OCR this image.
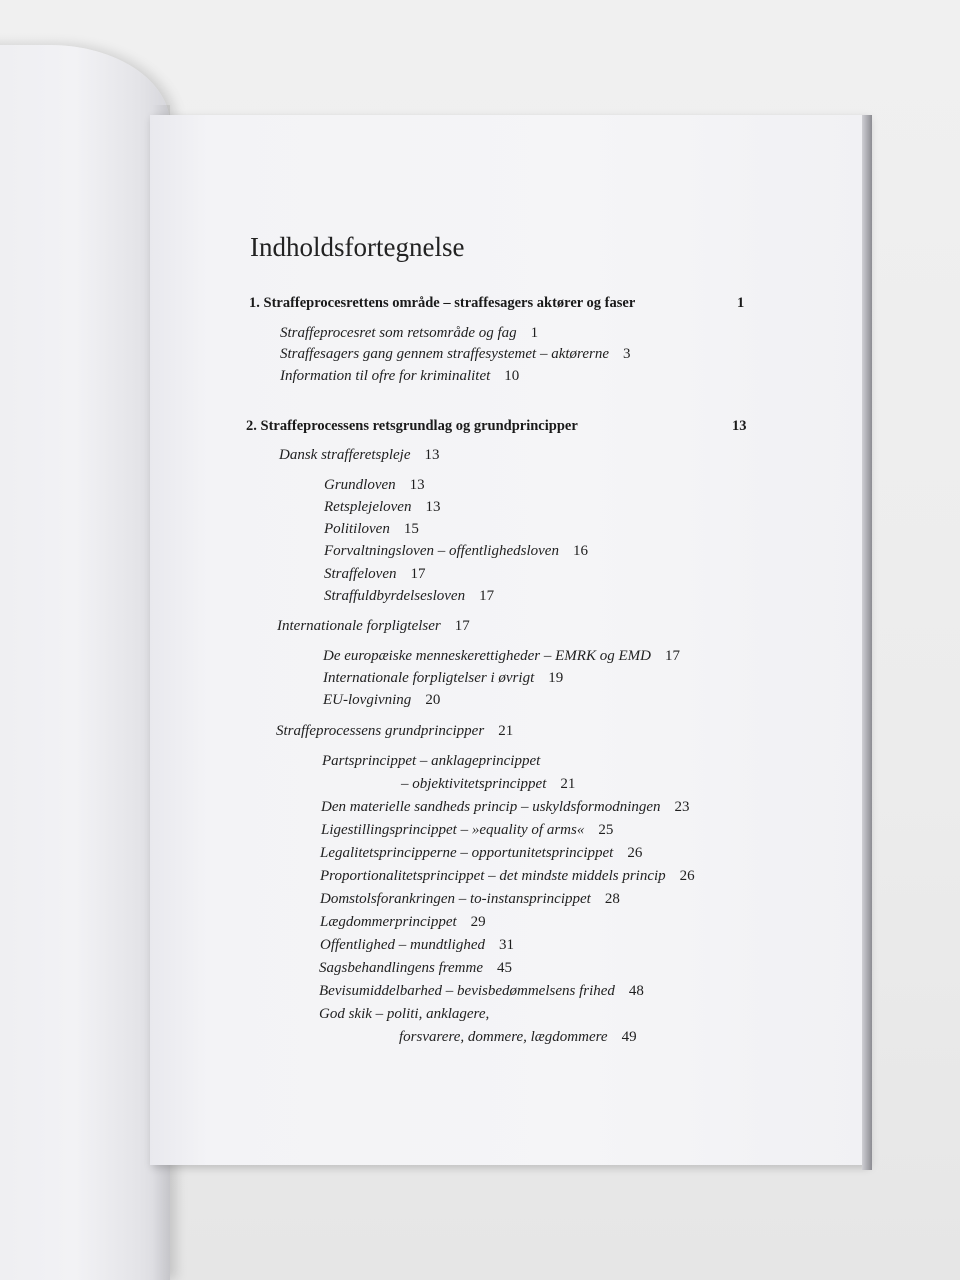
Indholdsfortegnelse
1. Straffeprocesrettens område – straffesagers aktører og faser	1
Straffeprocesret som retsområde og fag 1
Straffesagers gang gennem straffesystemet – aktørerne 3
Information til ofre for kriminalitet 10
2. Straffeprocessens retsgrundlag og grundprincipper	13
Dansk strafferetspleje 13
Grundloven 13
Retsplejeloven 13
Politiloven 15
Forvaltningsloven – offentlighedsloven 16
Straffeloven 17
Straffuldbyrdelsesloven 17
Internationale forpligtelser 17
De europæiske menneskerettigheder – EMRK og EMD 17
Internationale forpligtelser i øvrigt 19
EU-lovgivning 20
Straffeprocessens grundprincipper 21
Partsprincippet – anklageprincippet
– objektivitetsprincippet 21
Den materielle sandheds princip – uskyldsformodningen 23
Ligestillingsprincippet – »equality of arms« 25
Legalitetsprincipperne – opportunitetsprincippet 26
Proportionalitetsprincippet – det mindste middels princip 26
Domstolsforankringen – to-instansprincippet 28
Lægdommerprincippet 29
Offentlighed – mundtlighed 31
Sagsbehandlingens fremme 45
Bevisumiddelbarhed – bevisbedømmelsens frihed 48
God skik – politi, anklagere,
forsvarere, dommere, lægdommere 49
